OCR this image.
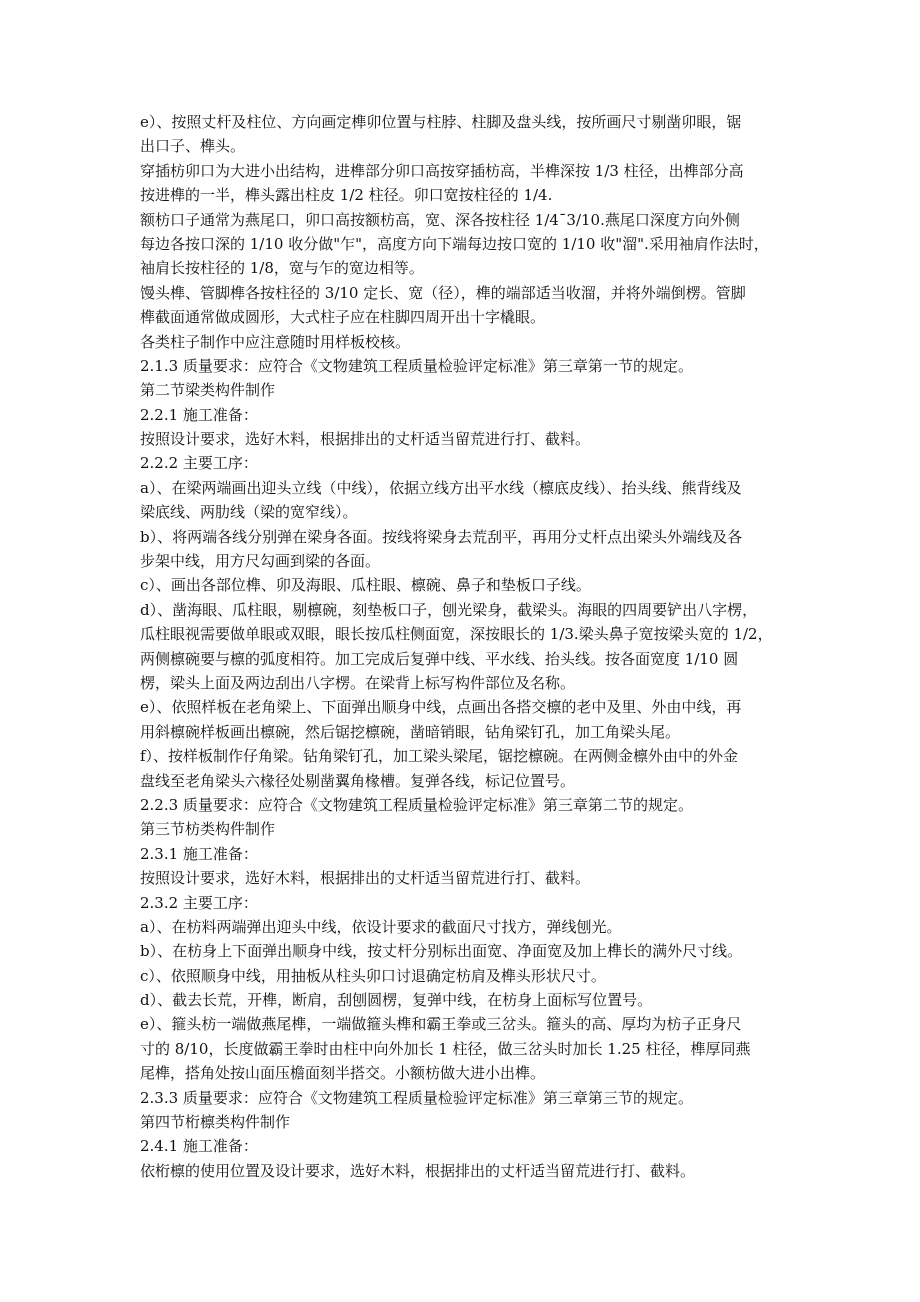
e）、按照丈杆及柱位、方向画定榫卯位置与柱脖、柱脚及盘头线，按所画尺寸剔凿卯眼，锯
出口子、榫头。
穿插枋卯口为大进小出结构，进榫部分卯口高按穿插枋高，半榫深按 1/3 柱径，出榫部分高
按进榫的一半，榫头露出柱皮 1/2 柱径。卯口宽按柱径的 1/4.
额枋口子通常为燕尾口，卯口高按额枋高，宽、深各按柱径 1/4¯3/10.燕尾口深度方向外侧
每边各按口深的 1/10 收分做"乍"，高度方向下端每边按口宽的 1/10 收"溜".采用袖肩作法时，
袖肩长按柱径的 1/8，宽与乍的宽边相等。
馒头榫、管脚榫各按柱径的 3/10 定长、宽（径），榫的端部适当收溜，并将外端倒楞。管脚
榫截面通常做成圆形，大式柱子应在柱脚四周开出十字橇眼。
各类柱子制作中应注意随时用样板校核。
2.1.3 质量要求：应符合《文物建筑工程质量检验评定标准》第三章第一节的规定。
第二节梁类构件制作
2.2.1 施工准备：
按照设计要求，选好木料，根据排出的丈杆适当留荒进行打、截料。
2.2.2 主要工序：
a）、在梁两端画出迎头立线（中线），依据立线方出平水线（檩底皮线）、抬头线、熊背线及
梁底线、两肋线（梁的宽窄线）。
b）、将两端各线分别弹在梁身各面。按线将梁身去荒刮平，再用分丈杆点出梁头外端线及各
步架中线，用方尺勾画到梁的各面。
c）、画出各部位榫、卯及海眼、瓜柱眼、檩碗、鼻子和垫板口子线。
d）、凿海眼、瓜柱眼，剔檩碗，刻垫板口子，刨光梁身，截梁头。海眼的四周要铲出八字楞，
瓜柱眼视需要做单眼或双眼，眼长按瓜柱侧面宽，深按眼长的 1/3.梁头鼻子宽按梁头宽的 1/2，
两侧檩碗要与檩的弧度相符。加工完成后复弹中线、平水线、抬头线。按各面宽度 1/10 圆
楞，梁头上面及两边刮出八字楞。在梁背上标写构件部位及名称。
e）、依照样板在老角梁上、下面弹出顺身中线，点画出各搭交檩的老中及里、外由中线，再
用斜檩碗样板画出檩碗，然后锯挖檩碗，凿暗销眼，钻角梁钉孔，加工角梁头尾。
f）、按样板制作仔角梁。钻角梁钉孔，加工梁头梁尾，锯挖檩碗。在两侧金檩外由中的外金
盘线至老角梁头六椽径处剔凿翼角椽槽。复弹各线，标记位置号。
2.2.3 质量要求：应符合《文物建筑工程质量检验评定标准》第三章第二节的规定。
第三节枋类构件制作
2.3.1 施工准备：
按照设计要求，选好木料，根据排出的丈杆适当留荒进行打、截料。
2.3.2 主要工序：
a）、在枋料两端弹出迎头中线，依设计要求的截面尺寸找方，弹线刨光。
b）、在枋身上下面弹出顺身中线，按丈杆分别标出面宽、净面宽及加上榫长的满外尺寸线。
c）、依照顺身中线，用抽板从柱头卯口讨退确定枋肩及榫头形状尺寸。
d）、截去长荒，开榫，断肩，刮刨圆楞，复弹中线，在枋身上面标写位置号。
e）、箍头枋一端做燕尾榫，一端做箍头榫和霸王拳或三岔头。箍头的高、厚均为枋子正身尺
寸的 8/10，长度做霸王拳时由柱中向外加长 1 柱径，做三岔头时加长 1.25 柱径，榫厚同燕
尾榫，搭角处按山面压檐面刻半搭交。小额枋做大进小出榫。
2.3.3 质量要求：应符合《文物建筑工程质量检验评定标准》第三章第三节的规定。
第四节桁檩类构件制作
2.4.1 施工准备：
依桁檩的使用位置及设计要求，选好木料，根据排出的丈杆适当留荒进行打、截料。
